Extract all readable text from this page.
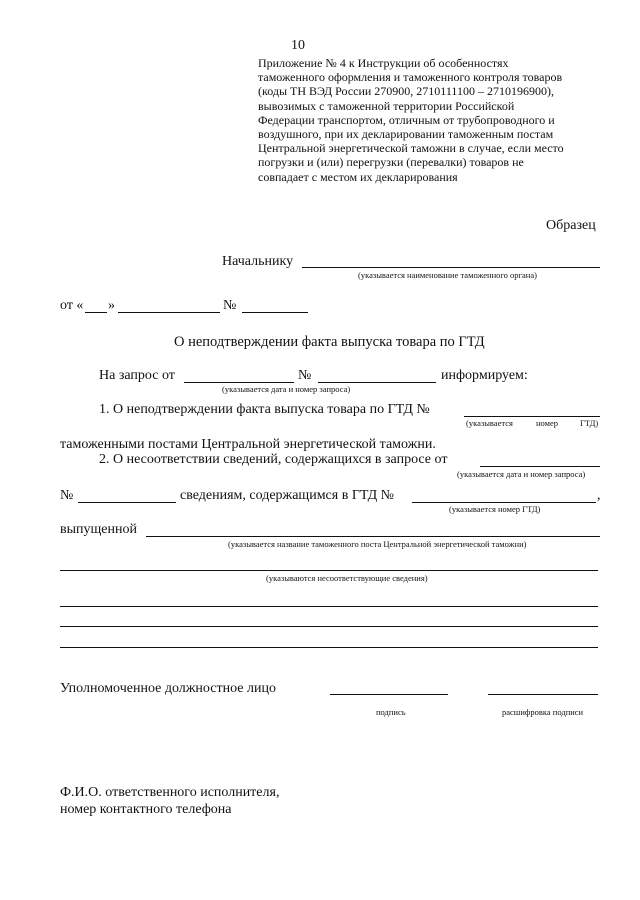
10
Приложение № 4 к Инструкции об особенностях
таможенного оформления и таможенного контроля товаров
(коды ТН ВЭД России 270900, 2710111100 – 2710196900),
вывозимых с таможенной территории Российской
Федерации транспортом, отличным от трубопроводного и
воздушного, при их декларировании таможенным постам
Центральной энергетической таможни в случае, если место
погрузки и (или) перегрузки (перевалки) товаров не
совпадает с местом их декларирования
Образец
Начальнику
(указывается наименование таможенного органа)
от « »	№
О неподтверждении факта выпуска товара по ГТД
На запрос от	№	информируем:
(указывается дата и номер запроса)
1. О неподтверждении факта выпуска товара по ГТД №
(указывается	номер	ГТД)
таможенными постами Центральной энергетической таможни.
2. О несоответствии сведений, содержащихся в запросе от
(указывается дата и номер запроса)
№	сведениям, содержащимся в ГТД №	,
(указывается номер ГТД)
выпущенной
(указывается название таможенного поста Центральной энергетической таможни)
(указываются несоответствующие сведения)
Уполномоченное должностное лицо
подпись	расшифровка подписи
Ф.И.О. ответственного исполнителя,
номер контактного телефона
